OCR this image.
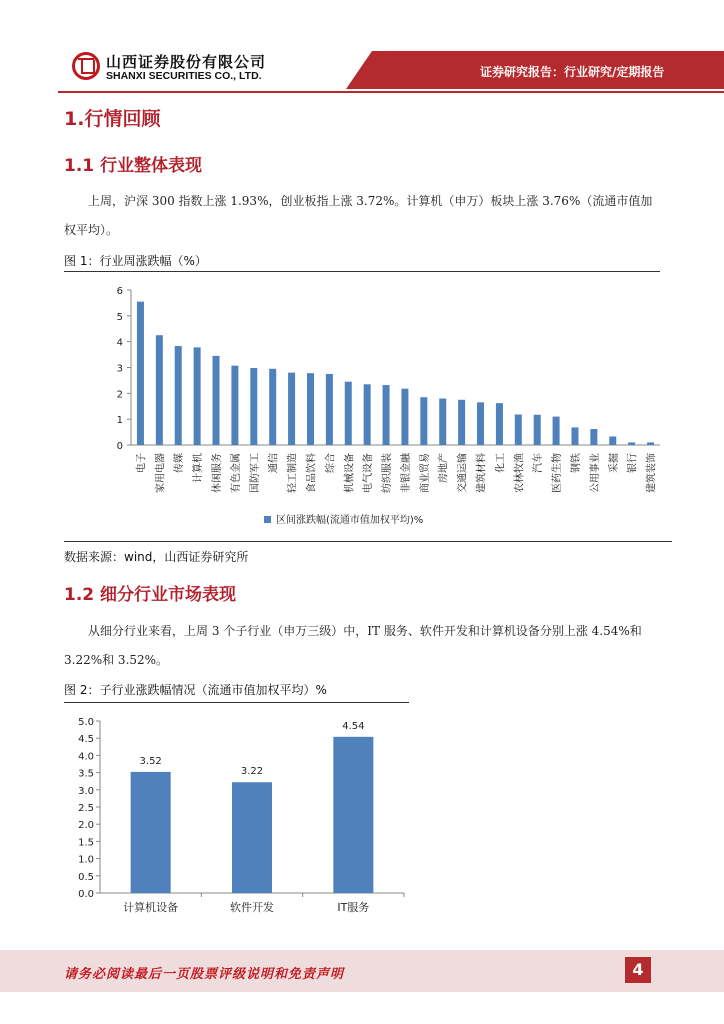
山西证券股份有限公司
SHANXI SECURITIES CO., LTD.	证券研究报告：行业研究/定期报告
1.行情回顾
1.1 行业整体表现
上周，沪深 300 指数上涨 1.93%，创业板指上涨 3.72%。计算机（申万）板块上涨 3.76%（流通市值加权平均）。
图 1：行业周涨跌幅（%）
0
1
2
3
4
5
6
电子 家用电器 传媒 计算机 休闲服务 有色金属 国防军工 通信 轻工制造 食品饮料 综合 机械设备 电气设备 纺织服装 非银金融 商业贸易 房地产 交通运输 建筑材料 化工 农林牧渔 汽车 医药生物 钢铁 公用事业 采掘 银行 建筑装饰
区间涨跌幅(流通市值加权平均)%
数据来源：wind，山西证券研究所
1.2 细分行业市场表现
从细分行业来看，上周 3 个子行业（申万三级）中，IT 服务、软件开发和计算机设备分别上涨 4.54%和 3.22%和 3.52%。
图 2：子行业涨跌幅情况（流通市值加权平均）%
0.0
0.5
1.0
1.5
2.0
2.5
3.0
3.5
4.0
4.5
5.0
计算机设备	软件开发	IT服务
3.52
3.22
4.54
请务必阅读最后一页股票评级说明和免责声明	4
